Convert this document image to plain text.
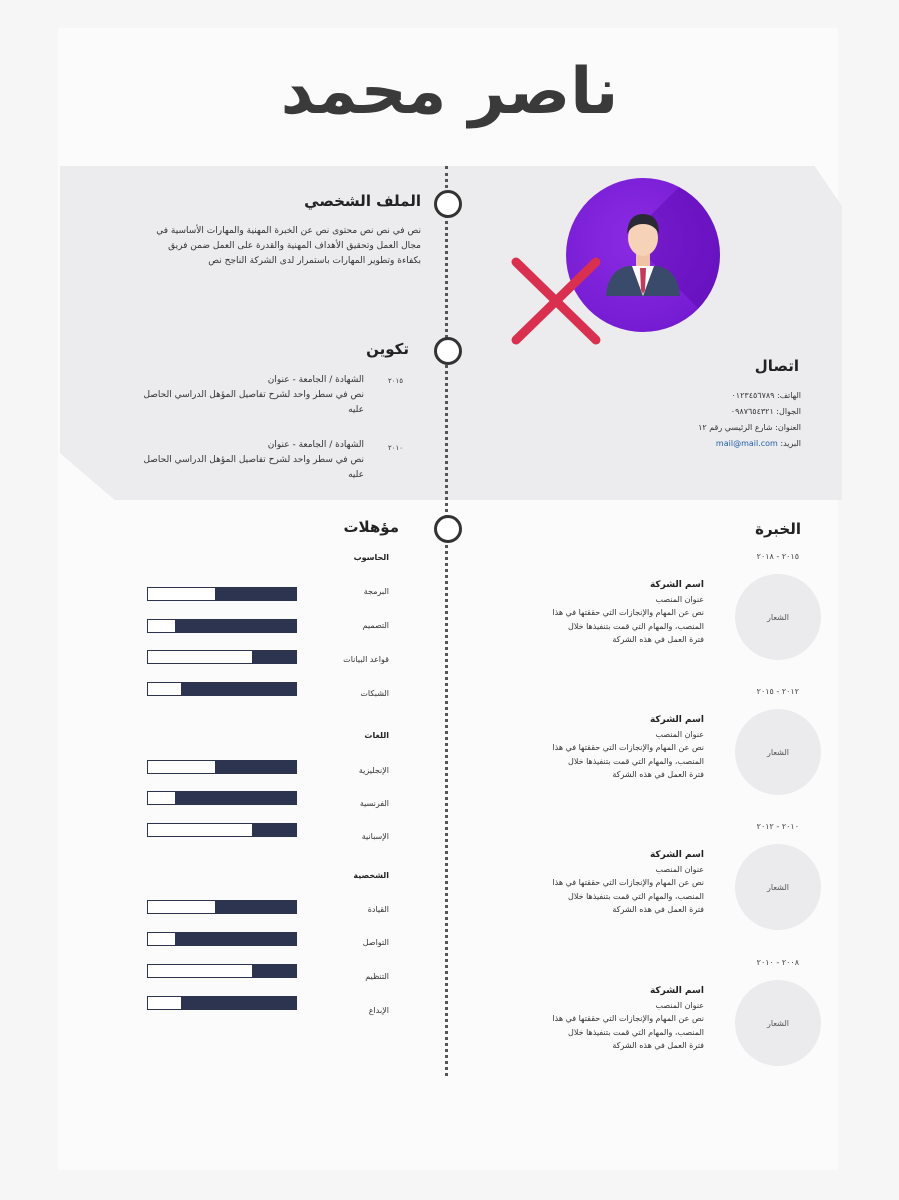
ناصر محمد
الملف الشخصي
نص في نص نص محتوى نص عن الخبرة المهنية والمهارات الأساسية في مجال العمل وتحقيق الأهداف المهنية والقدرة على العمل ضمن فريق بكفاءة وتطوير المهارات باستمرار لدى الشركة الناجح نص
تكوين
٢٠١٥
الشهادة / الجامعة - عنوان
نص في سطر واحد لشرح تفاصيل المؤهل الدراسي الحاصل عليه
٢٠١٠
الشهادة / الجامعة - عنوان
نص في سطر واحد لشرح تفاصيل المؤهل الدراسي الحاصل عليه
اتصال
الهاتف: ٠١٢٣٤٥٦٧٨٩
الجوال: ٠٩٨٧٦٥٤٣٢١
العنوان: شارع الرئيسي رقم ١٢
البريد: mail@mail.com
الخبرة
٢٠١٥ - ٢٠١٨
الشعار
اسم الشركة
عنوان المنصب
نص عن المهام والإنجازات التي حققتها في هذا
المنصب، والمهام التي قمت بتنفيذها خلال
فترة العمل في هذه الشركة
٢٠١٢ - ٢٠١٥
الشعار
اسم الشركة
عنوان المنصب
نص عن المهام والإنجازات التي حققتها في هذا
المنصب، والمهام التي قمت بتنفيذها خلال
فترة العمل في هذه الشركة
٢٠١٠ - ٢٠١٢
الشعار
اسم الشركة
عنوان المنصب
نص عن المهام والإنجازات التي حققتها في هذا
المنصب، والمهام التي قمت بتنفيذها خلال
فترة العمل في هذه الشركة
٢٠٠٨ - ٢٠١٠
الشعار
اسم الشركة
عنوان المنصب
نص عن المهام والإنجازات التي حققتها في هذا
المنصب، والمهام التي قمت بتنفيذها خلال
فترة العمل في هذه الشركة
مؤهلات
الحاسوب
البرمجة
التصميم
قواعد البيانات
الشبكات
اللغات
الإنجليزية
الفرنسية
الإسبانية
الشخصية
القيادة
التواصل
التنظيم
الإبداع
